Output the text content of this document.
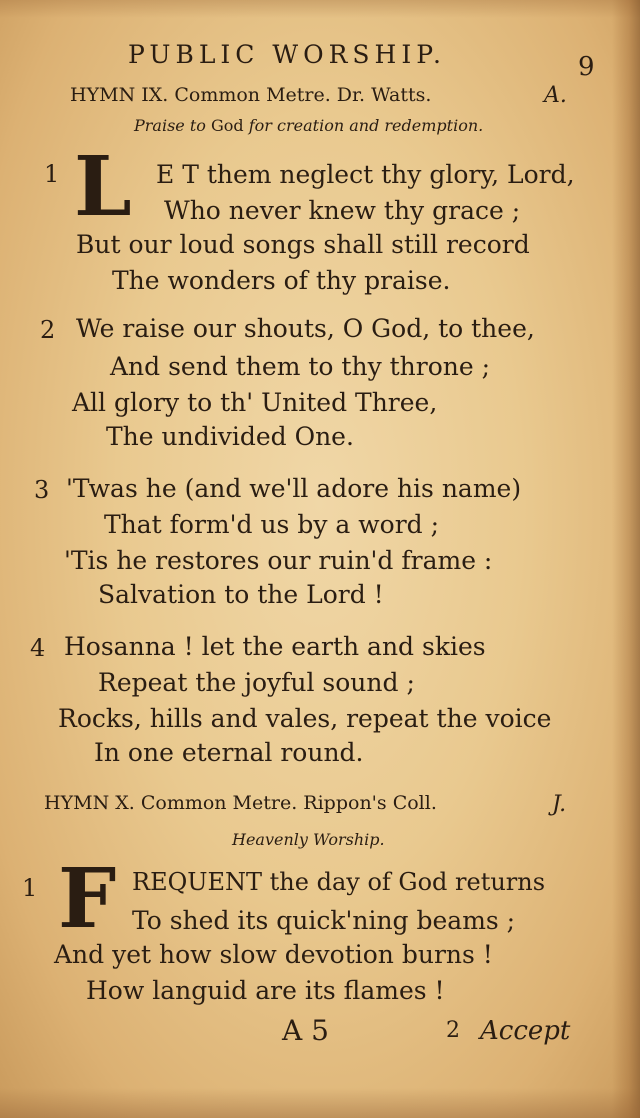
PUBLIC WORSHIP.	9
HYMN IX. Common Metre. Dr. Watts.	A.
Praise to God for creation and redemption.
1 L E T them neglect thy glory, Lord,
Who never knew thy grace ;
But our loud songs shall still record
The wonders of thy praise.
2 We raise our shouts, O God, to thee,
And send them to thy throne ;
All glory to th' United Three,
The undivided One.
3 'Twas he (and we'll adore his name)
That form'd us by a word ;
'Tis he restores our ruin'd frame :
Salvation to the Lord !
4 Hosanna ! let the earth and skies
Repeat the joyful sound ;
Rocks, hills and vales, repeat the voice
In one eternal round.
HYMN X. Common Metre. Rippon's Coll.	J.
Heavenly Worship.
1 F REQUENT the day of God returns
To shed its quick'ning beams ;
And yet how slow devotion burns !
How languid are its flames !
A 5	2 Accept
